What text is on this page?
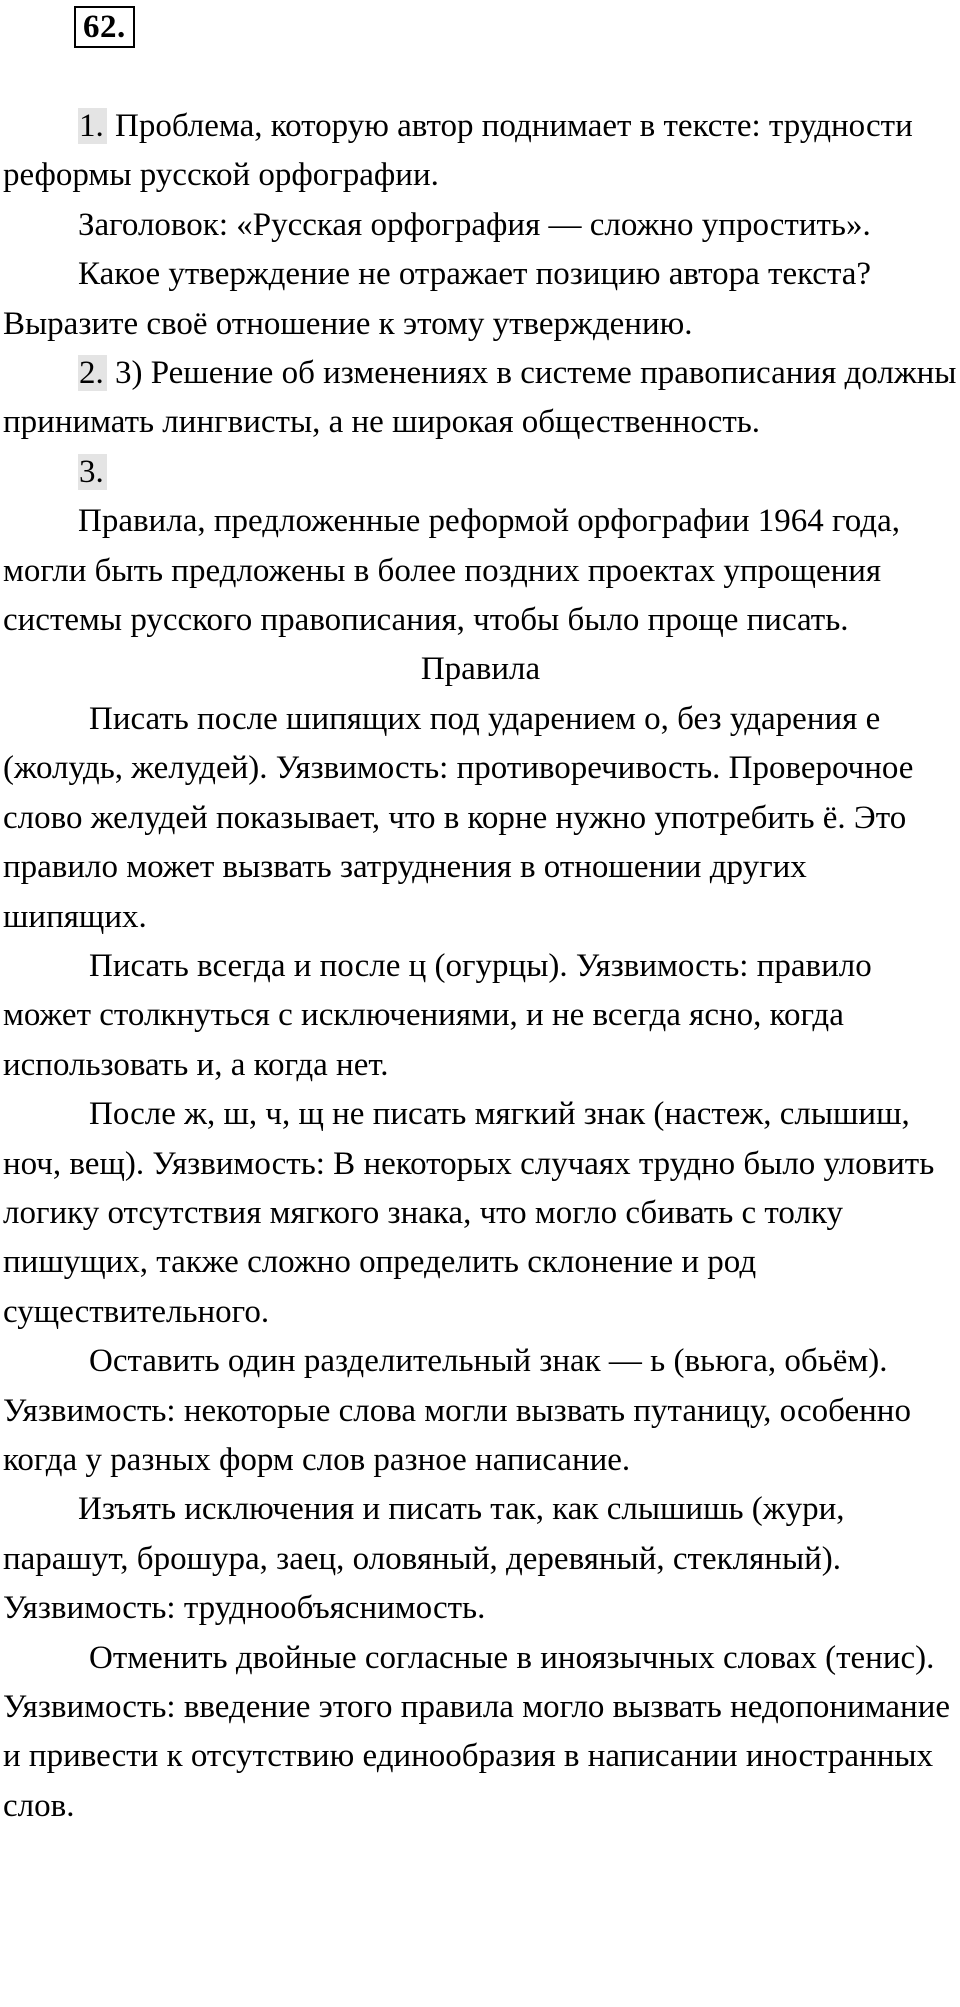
62.

1. Проблема, которую автор поднимает в тексте: трудности реформы русской орфографии.

Заголовок: «Русская орфография — сложно упростить».

Какое утверждение не отражает позицию автора текста? Выразите своё отношение к этому утверждению.

2. 3) Решение об изменениях в системе правописания должны принимать лингвисты, а не широкая общественность.

3.

Правила, предложенные реформой орфографии 1964 года, могли быть предложены в более поздних проектах упрощения системы русского правописания, чтобы было проще писать.

Правила

Писать после шипящих под ударением о, без ударения е (жолудь, желудей). Уязвимость: противоречивость. Проверочное слово желудей показывает, что в корне нужно употребить ё. Это правило может вызвать затруднения в отношении других шипящих.

Писать всегда и после ц (огурцы). Уязвимость: правило может столкнуться с исключениями, и не всегда ясно, когда использовать и, а когда нет.

После ж, ш, ч, щ не писать мягкий знак (настеж, слышиш, ноч, вещ). Уязвимость: В некоторых случаях трудно было уловить логику отсутствия мягкого знака, что могло сбивать с толку пишущих, также сложно определить склонение и род существительного.

Оставить один разделительный знак — ь (вьюга, обьём). Уязвимость: некоторые слова могли вызвать путаницу, особенно когда у разных форм слов разное написание.

Изъять исключения и писать так, как слышишь (жури, парашут, брошура, заец, оловяный, деревяный, стекляный). Уязвимость: труднообъяснимость.

Отменить двойные согласные в иноязычных словах (тенис). Уязвимость: введение этого правила могло вызвать недопонимание и привести к отсутствию единообразия в написании иностранных слов.
